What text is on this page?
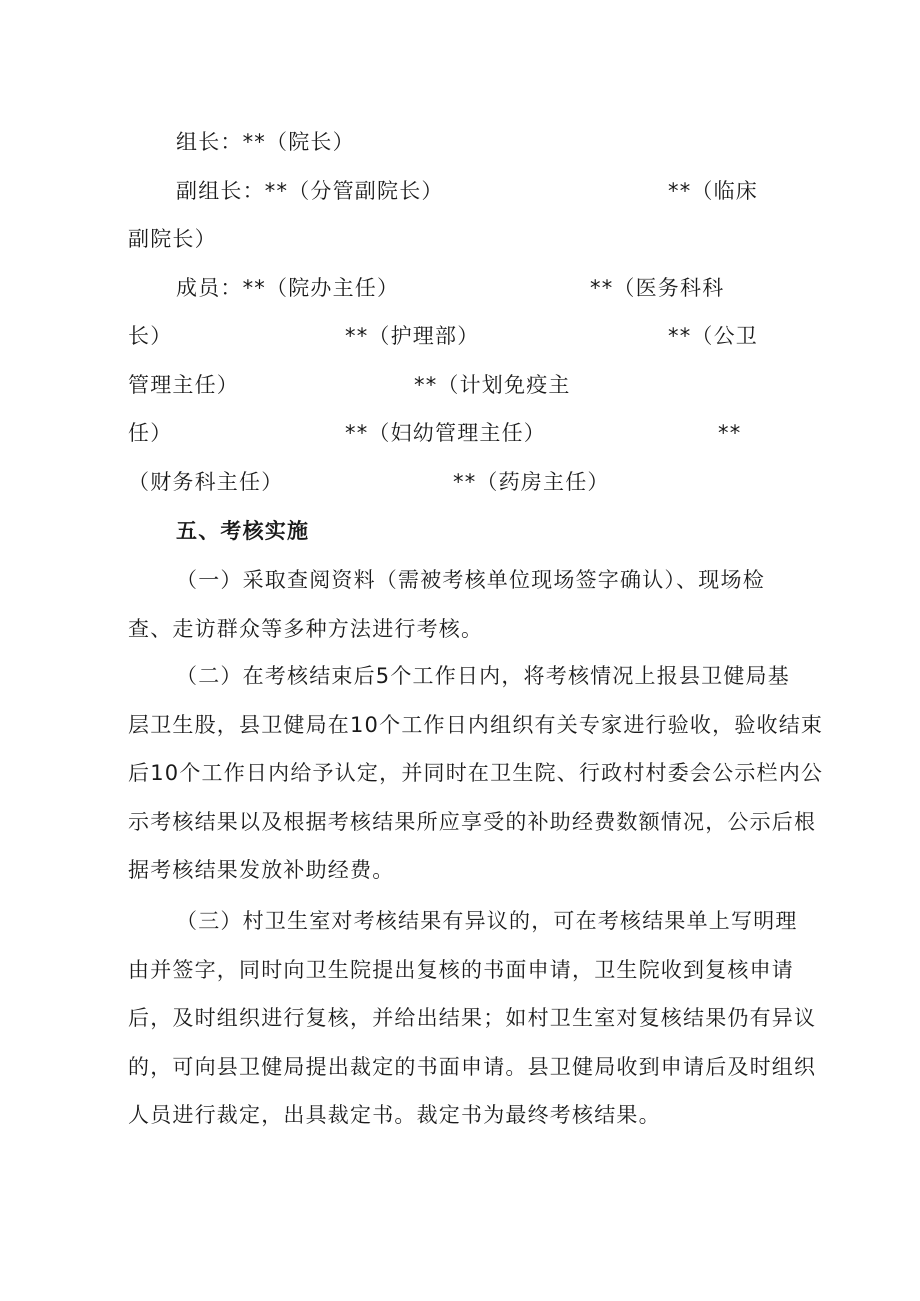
组长：**（院长）
副组长：**（分管副院长）	**（临床
副院长）
成员：**（院办主任）	**（医务科科
长）	**（护理部）	**（公卫
管理主任）	**（计划免疫主
任）	**（妇幼管理主任）	**
（财务科主任）	**（药房主任）
五、考核实施
（一）采取查阅资料（需被考核单位现场签字确认）、现场检
查、走访群众等多种方法进行考核。
（二）在考核结束后5个工作日内，将考核情况上报县卫健局基
层卫生股，县卫健局在10个工作日内组织有关专家进行验收，验收结束
后10个工作日内给予认定，并同时在卫生院、行政村村委会公示栏内公
示考核结果以及根据考核结果所应享受的补助经费数额情况，公示后根
据考核结果发放补助经费。
（三）村卫生室对考核结果有异议的，可在考核结果单上写明理
由并签字，同时向卫生院提出复核的书面申请，卫生院收到复核申请
后，及时组织进行复核，并给出结果；如村卫生室对复核结果仍有异议
的，可向县卫健局提出裁定的书面申请。县卫健局收到申请后及时组织
人员进行裁定，出具裁定书。裁定书为最终考核结果。
